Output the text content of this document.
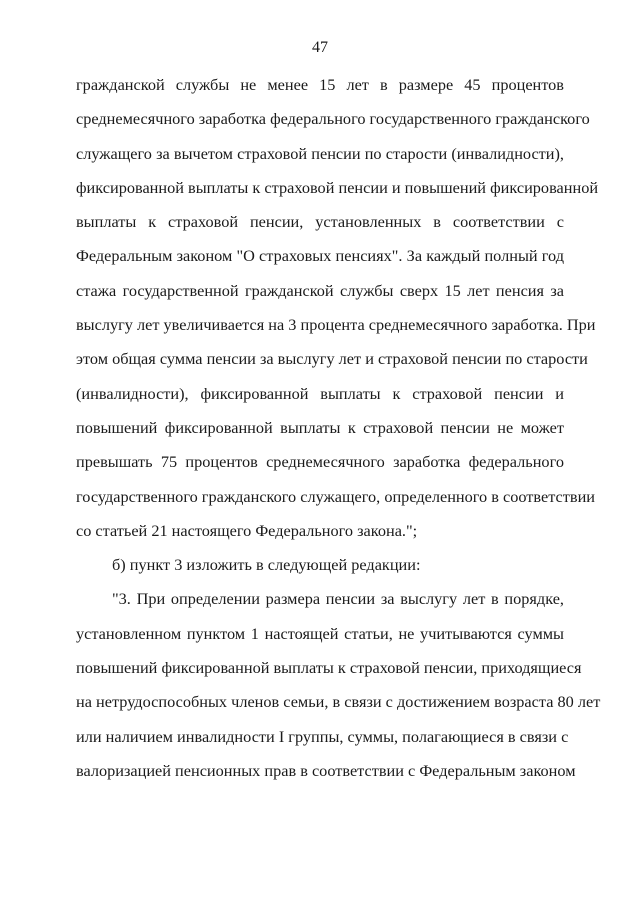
47
гражданской службы не менее 15 лет в размере 45 процентов
среднемесячного заработка федерального государственного гражданского
служащего за вычетом страховой пенсии по старости (инвалидности),
фиксированной выплаты к страховой пенсии и повышений фиксированной
выплаты к страховой пенсии, установленных в соответствии с
Федеральным законом "О страховых пенсиях". За каждый полный год
стажа государственной гражданской службы сверх 15 лет пенсия за
выслугу лет увеличивается на 3 процента среднемесячного заработка. При
этом общая сумма пенсии за выслугу лет и страховой пенсии по старости
(инвалидности), фиксированной выплаты к страховой пенсии и
повышений фиксированной выплаты к страховой пенсии не может
превышать 75 процентов среднемесячного заработка федерального
государственного гражданского служащего, определенного в соответствии
со статьей 21 настоящего Федерального закона.";
б) пункт 3 изложить в следующей редакции:
"3. При определении размера пенсии за выслугу лет в порядке,
установленном пунктом 1 настоящей статьи, не учитываются суммы
повышений фиксированной выплаты к страховой пенсии, приходящиеся
на нетрудоспособных членов семьи, в связи с достижением возраста 80 лет
или наличием инвалидности I группы, суммы, полагающиеся в связи с
валоризацией пенсионных прав в соответствии с Федеральным законом
